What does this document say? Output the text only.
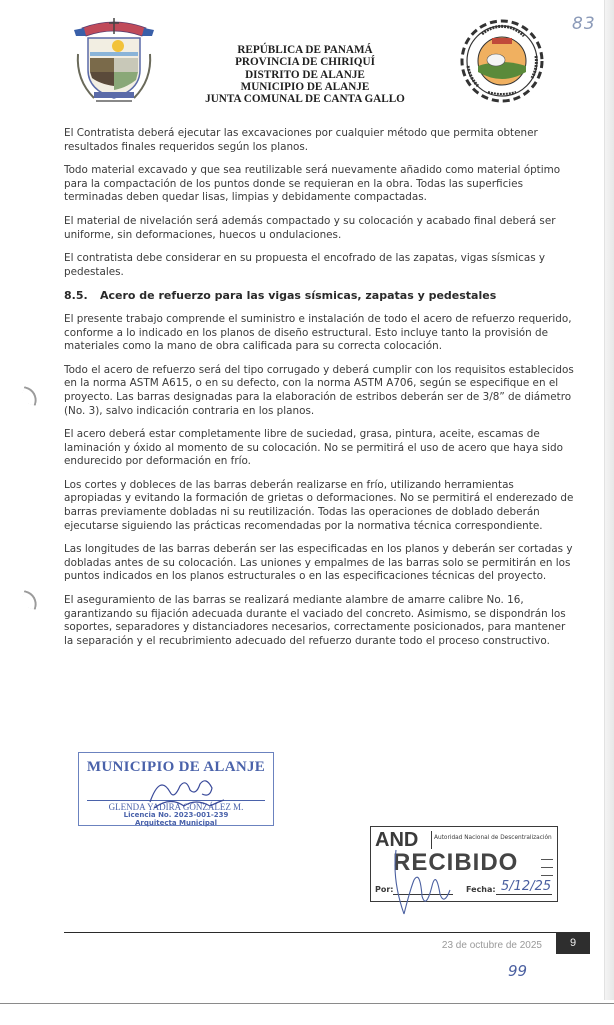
REPÚBLICA DE PANAMÁ
PROVINCIA DE CHIRIQUÍ
DISTRITO DE ALANJE
MUNICIPIO DE ALANJE
JUNTA COMUNAL DE CANTA GALLO
83

El Contratista deberá ejecutar las excavaciones por cualquier método que permita obtener resultados finales requeridos según los planos.

Todo material excavado y que sea reutilizable será nuevamente añadido como material óptimo para la compactación de los puntos donde se requieran en la obra. Todas las superficies terminadas deben quedar lisas, limpias y debidamente compactadas.

El material de nivelación será además compactado y su colocación y acabado final deberá ser uniforme, sin deformaciones, huecos u ondulaciones.

El contratista debe considerar en su propuesta el encofrado de las zapatas, vigas sísmicas y pedestales.

8.5. Acero de refuerzo para las vigas sísmicas, zapatas y pedestales

El presente trabajo comprende el suministro e instalación de todo el acero de refuerzo requerido, conforme a lo indicado en los planos de diseño estructural. Esto incluye tanto la provisión de materiales como la mano de obra calificada para su correcta colocación.

Todo el acero de refuerzo será del tipo corrugado y deberá cumplir con los requisitos establecidos en la norma ASTM A615, o en su defecto, con la norma ASTM A706, según se especifique en el proyecto. Las barras designadas para la elaboración de estribos deberán ser de 3/8” de diámetro (No. 3), salvo indicación contraria en los planos.

El acero deberá estar completamente libre de suciedad, grasa, pintura, aceite, escamas de laminación y óxido al momento de su colocación. No se permitirá el uso de acero que haya sido endurecido por deformación en frío.

Los cortes y dobleces de las barras deberán realizarse en frío, utilizando herramientas apropiadas y evitando la formación de grietas o deformaciones. No se permitirá el enderezado de barras previamente dobladas ni su reutilización. Todas las operaciones de doblado deberán ejecutarse siguiendo las prácticas recomendadas por la normativa técnica correspondiente.

Las longitudes de las barras deberán ser las especificadas en los planos y deberán ser cortadas y dobladas antes de su colocación. Las uniones y empalmes de las barras solo se permitirán en los puntos indicados en los planos estructurales o en las especificaciones técnicas del proyecto.

El aseguramiento de las barras se realizará mediante alambre de amarre calibre No. 16, garantizando su fijación adecuada durante el vaciado del concreto. Asimismo, se dispondrán los soportes, separadores y distanciadores necesarios, correctamente posicionados, para mantener la separación y el recubrimiento adecuado del refuerzo durante todo el proceso constructivo.

MUNICIPIO DE ALANJE
GLENDA YADIRA GONZÁLEZ M.
Licencia No. 2023-001-239
Arquitecta Municipal
AND	Autoridad Nacional de Descentralización
RECIBIDO
Por:	Fecha: 5/12/25
23 de octubre de 2025	9
99
